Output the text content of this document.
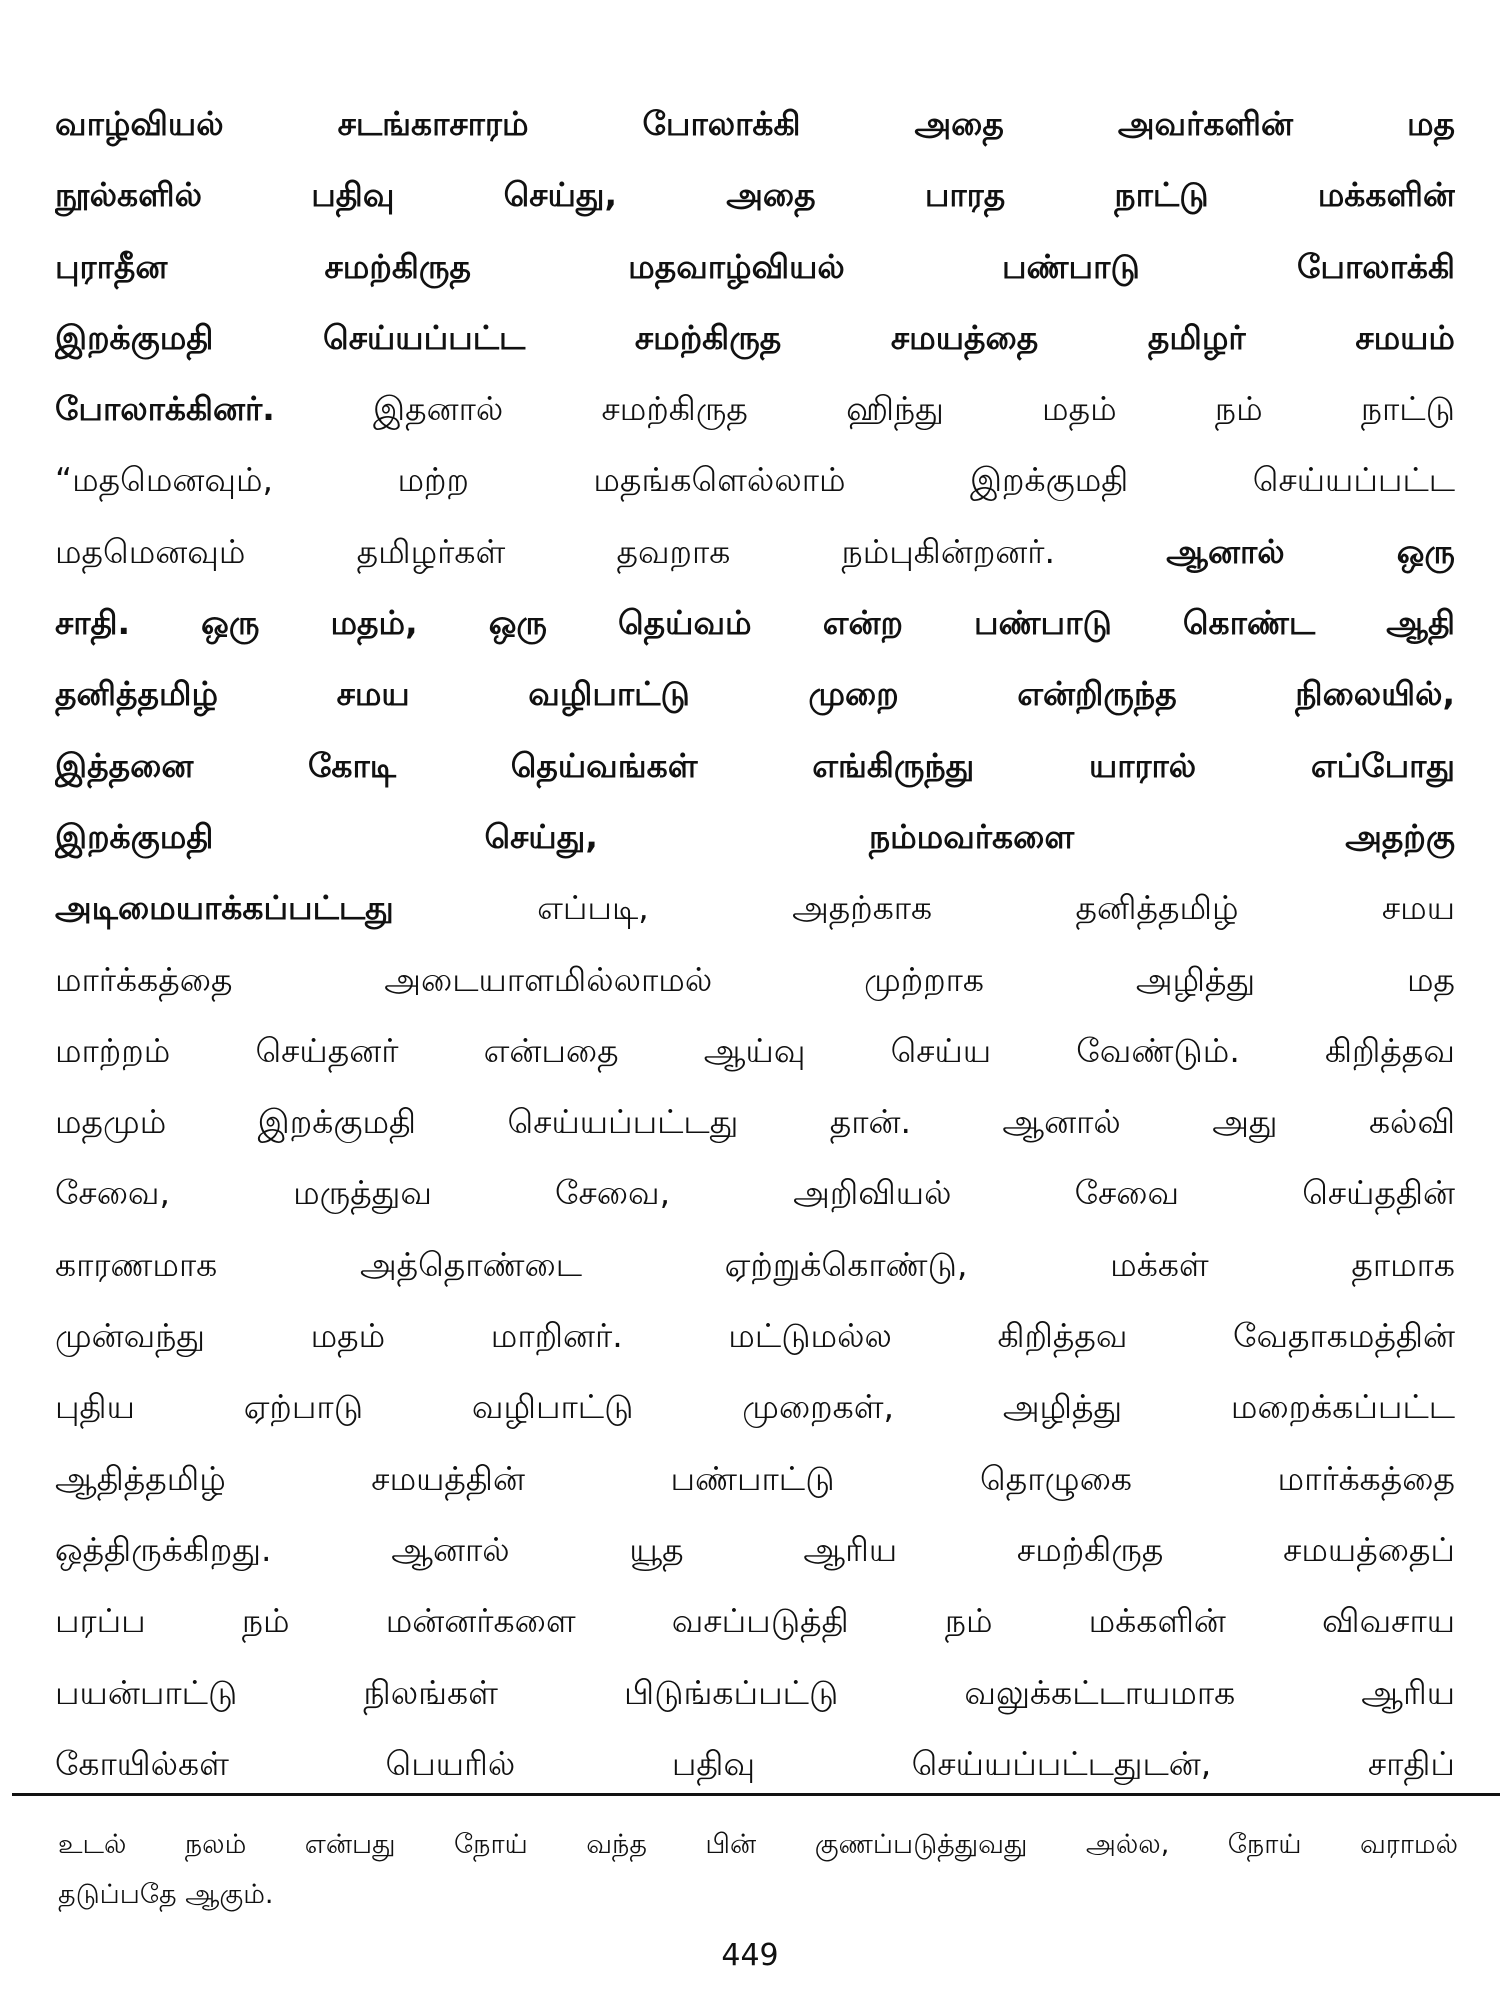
வாழ்வியல் சடங்காசாரம் போலாக்கி அதை அவர்களின் மத
நூல்களில் பதிவு செய்து, அதை பாரத நாட்டு மக்களின்
புராதீன சமற்கிருத மதவாழ்வியல் பண்பாடு போலாக்கி
இறக்குமதி செய்யப்பட்ட சமற்கிருத சமயத்தை தமிழர் சமயம்
போலாக்கினர். இதனால் சமற்கிருத ஹிந்து மதம் நம் நாட்டு
“மதமெனவும், மற்ற மதங்களெல்லாம் இறக்குமதி செய்யப்பட்ட
மதமெனவும் தமிழர்கள் தவறாக நம்புகின்றனர். ஆனால் ஒரு
சாதி. ஒரு மதம், ஒரு தெய்வம் என்ற பண்பாடு கொண்ட ஆதி
தனித்தமிழ் சமய வழிபாட்டு முறை என்றிருந்த நிலையில்,
இத்தனை கோடி தெய்வங்கள் எங்கிருந்து யாரால் எப்போது
இறக்குமதி செய்து, நம்மவர்களை அதற்கு
அடிமையாக்கப்பட்டது எப்படி, அதற்காக தனித்தமிழ் சமய
மார்க்கத்தை அடையாளமில்லாமல் முற்றாக அழித்து மத
மாற்றம் செய்தனர் என்பதை ஆய்வு செய்ய வேண்டும். கிறித்தவ
மதமும் இறக்குமதி செய்யப்பட்டது தான். ஆனால் அது கல்வி
சேவை, மருத்துவ சேவை, அறிவியல் சேவை செய்ததின்
காரணமாக அத்தொண்டை ஏற்றுக்கொண்டு, மக்கள் தாமாக
முன்வந்து மதம் மாறினர். மட்டுமல்ல கிறித்தவ வேதாகமத்தின்
புதிய ஏற்பாடு வழிபாட்டு முறைகள், அழித்து மறைக்கப்பட்ட
ஆதித்தமிழ் சமயத்தின் பண்பாட்டு தொழுகை மார்க்கத்தை
ஒத்திருக்கிறது. ஆனால் யூத ஆரிய சமற்கிருத சமயத்தைப்
பரப்ப நம் மன்னர்களை வசப்படுத்தி நம் மக்களின் விவசாய
பயன்பாட்டு நிலங்கள் பிடுங்கப்பட்டு வலுக்கட்டாயமாக ஆரிய
கோயில்கள் பெயரில் பதிவு செய்யப்பட்டதுடன், சாதிப்
உடல் நலம் என்பது நோய் வந்த பின் குணப்படுத்துவது அல்ல, நோய் வராமல்
தடுப்பதே ஆகும்.
449
